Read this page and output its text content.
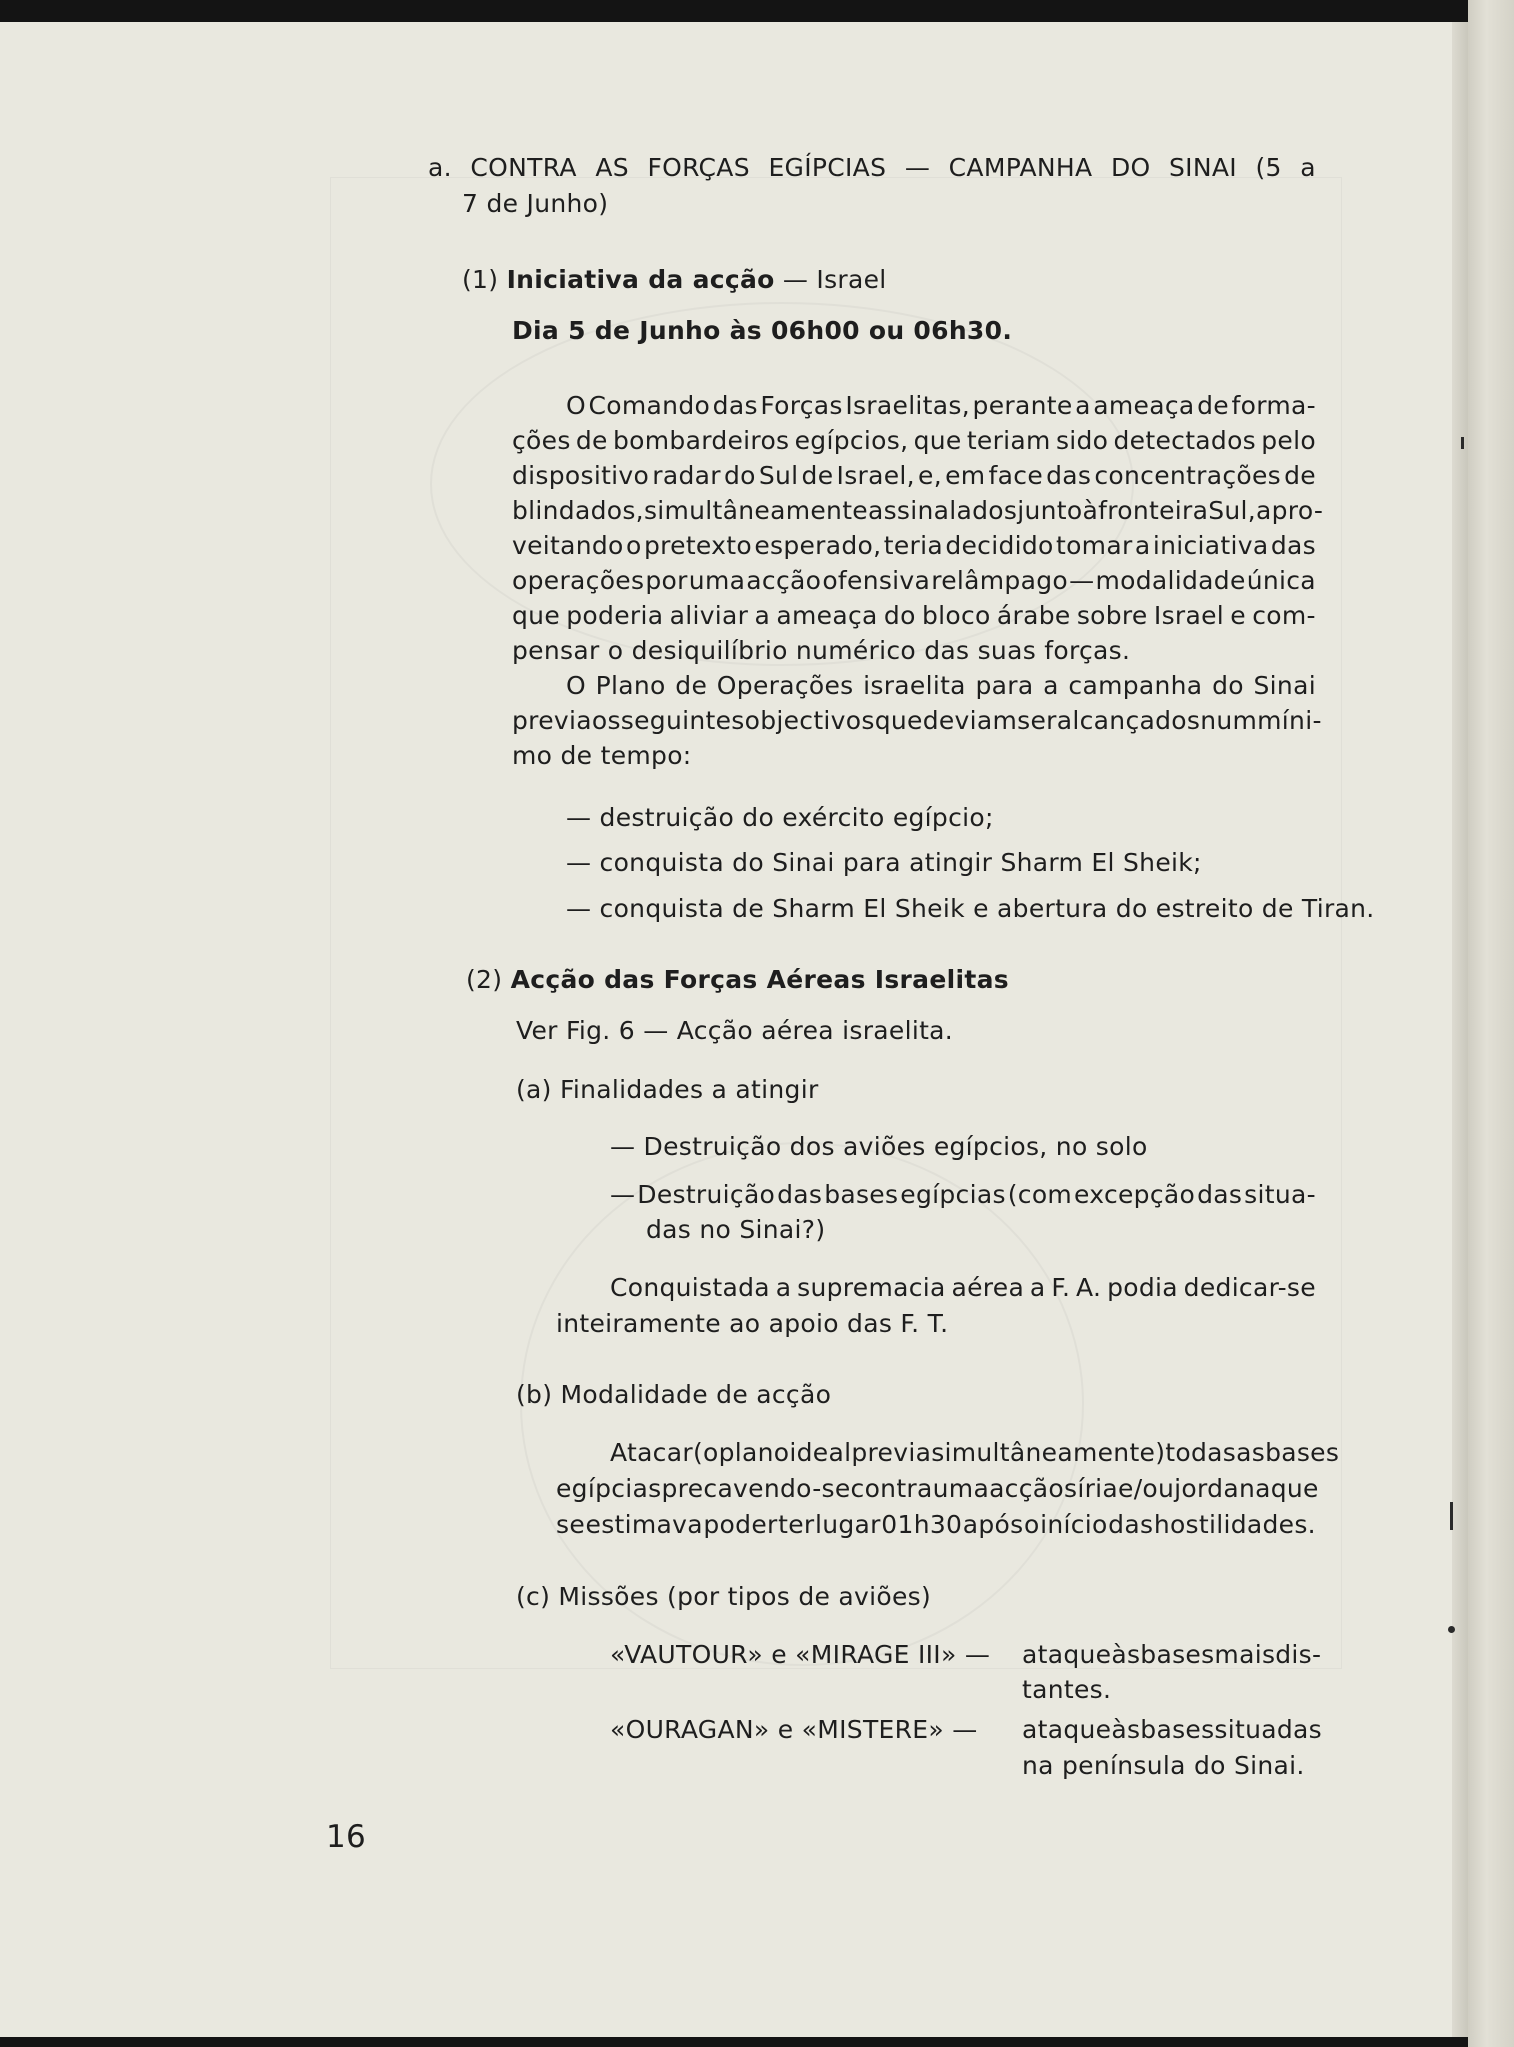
a. CONTRA AS FORÇAS EGÍPCIAS — CAMPANHA DO SINAI (5 a
7 de Junho)
(1) Iniciativa da acção — Israel
Dia 5 de Junho às 06h00 ou 06h30.
O Comando das Forças Israelitas, perante a ameaça de forma-
ções de bombardeiros egípcios, que teriam sido detectados pelo
dispositivo radar do Sul de Israel, e, em face das concentrações de
blindados, simultâneamente assinalados junto à fronteira Sul, apro-
veitando o pretexto esperado, teria decidido tomar a iniciativa das
operações por uma acção ofensiva relâmpago — modalidade única
que poderia aliviar a ameaça do bloco árabe sobre Israel e com-
pensar o desiquilíbrio numérico das suas forças.
O Plano de Operações israelita para a campanha do Sinai
previa os seguintes objectivos que deviam ser alcançados num míni-
mo de tempo:
— destruição do exército egípcio;
— conquista do Sinai para atingir Sharm El Sheik;
— conquista de Sharm El Sheik e abertura do estreito de Tiran.
(2) Acção das Forças Aéreas Israelitas
Ver Fig. 6 — Acção aérea israelita.
(a) Finalidades a atingir
— Destruição dos aviões egípcios, no solo
— Destruição das bases egípcias (com excepção das situa-
das no Sinai?)
Conquistada a supremacia aérea a F. A. podia dedicar-se
inteiramente ao apoio das F. T.
(b) Modalidade de acção
Atacar (o plano ideal previa simultâneamente) todas as bases
egípcias precavendo-se contra uma acção síria e/ou jordana que
se estimava poder ter lugar 01h30 após o início das hostilidades.
(c) Missões (por tipos de aviões)
«VAUTOUR» e «MIRAGE III» — ataque às bases mais dis-
tantes.
«OURAGAN» e «MISTERE» — ataque às bases situadas
na península do Sinai.
16
